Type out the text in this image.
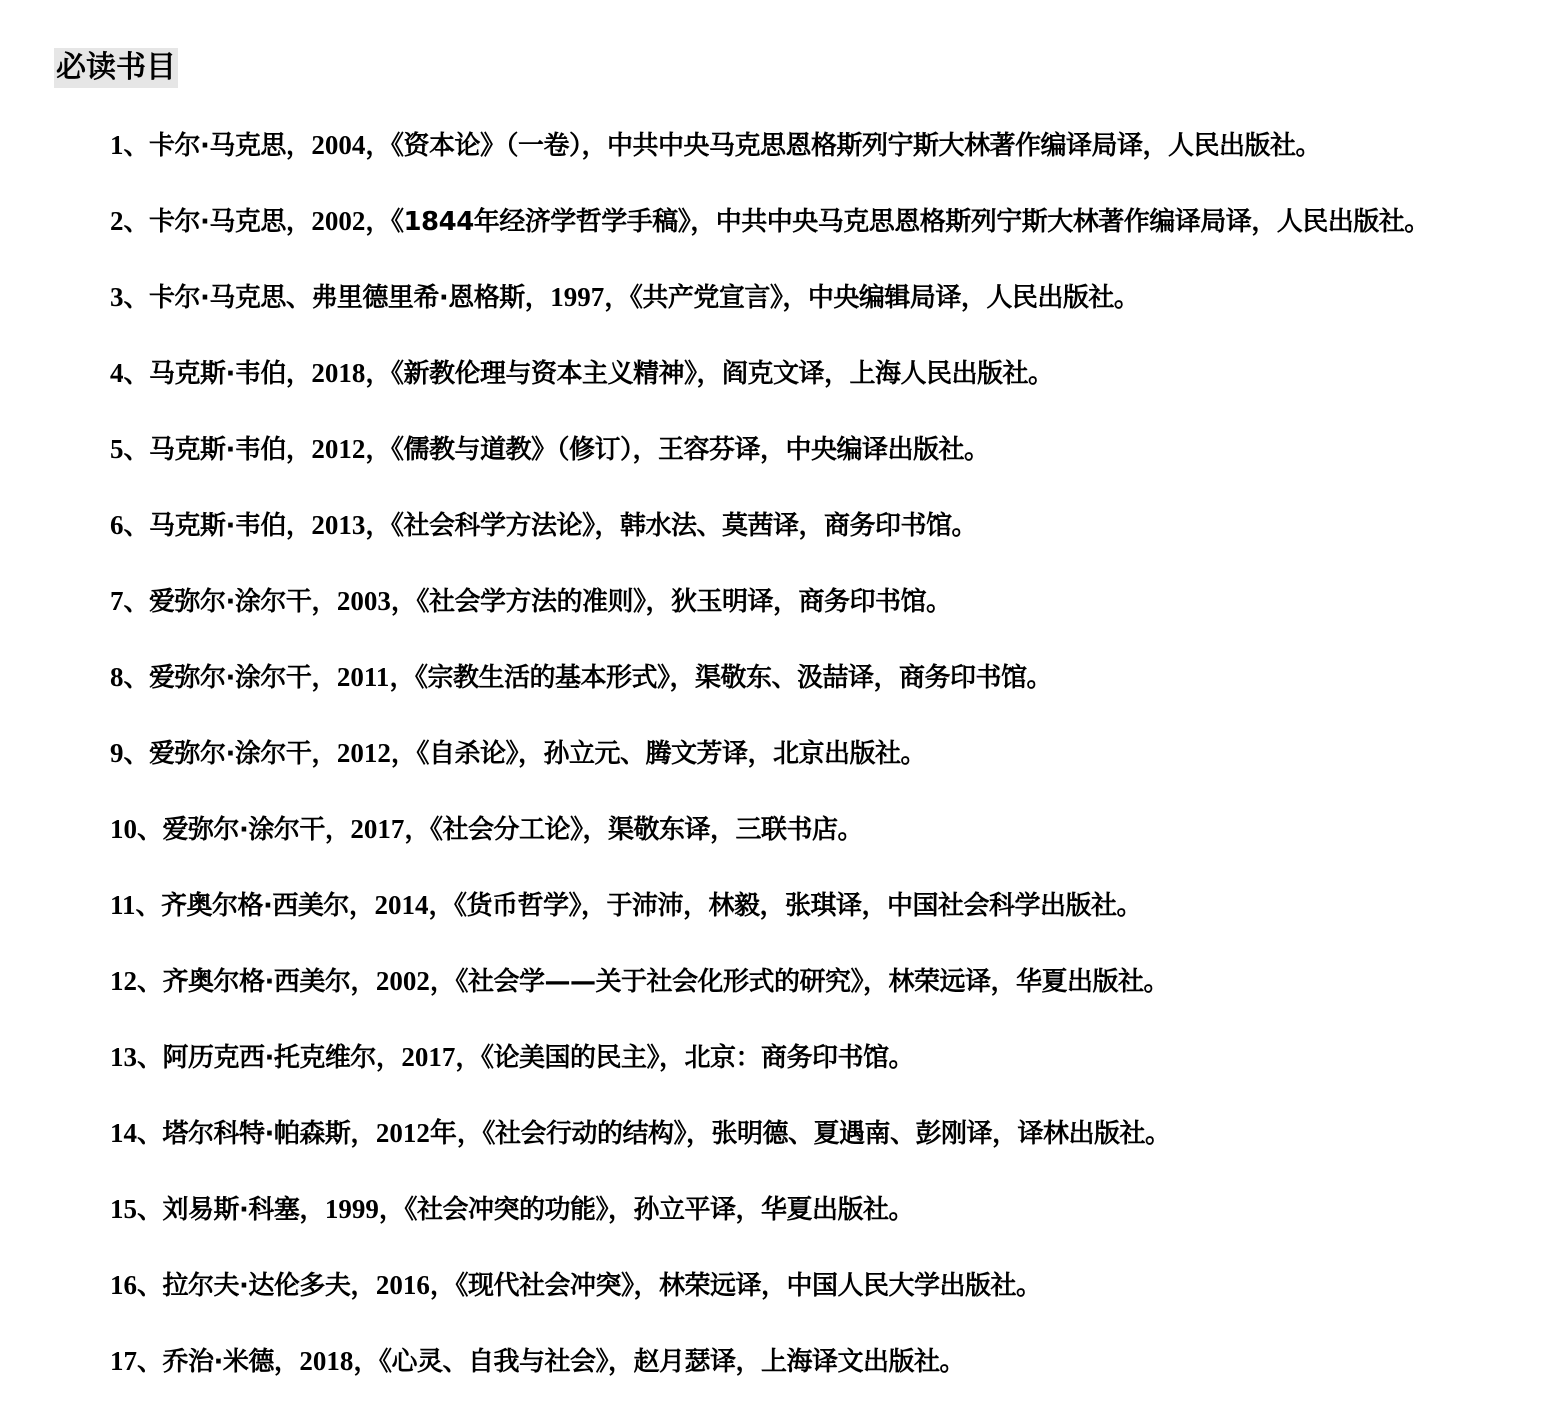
必读书目
1、卡尔·马克思，2004，《资本论》（一卷），中共中央马克思恩格斯列宁斯大林著作编译局译，人民出版社。
2、卡尔·马克思，2002，《1844年经济学哲学手稿》，中共中央马克思恩格斯列宁斯大林著作编译局译，人民出版社。
3、卡尔·马克思、弗里德里希·恩格斯，1997，《共产党宣言》，中央编辑局译，人民出版社。
4、马克斯·韦伯，2018，《新教伦理与资本主义精神》，阎克文译，上海人民出版社。
5、马克斯·韦伯，2012，《儒教与道教》（修订），王容芬译，中央编译出版社。
6、马克斯·韦伯，2013，《社会科学方法论》，韩水法、莫茜译，商务印书馆。
7、爱弥尔·涂尔干，2003，《社会学方法的准则》，狄玉明译，商务印书馆。
8、爱弥尔·涂尔干，2011，《宗教生活的基本形式》，渠敬东、汲喆译，商务印书馆。
9、爱弥尔·涂尔干，2012，《自杀论》，孙立元、腾文芳译，北京出版社。
10、爱弥尔·涂尔干，2017，《社会分工论》，渠敬东译，三联书店。
11、齐奥尔格·西美尔，2014，《货币哲学》，于沛沛，林毅，张琪译，中国社会科学出版社。
12、齐奥尔格·西美尔，2002，《社会学——关于社会化形式的研究》，林荣远译，华夏出版社。
13、阿历克西·托克维尔，2017，《论美国的民主》，北京：商务印书馆。
14、塔尔科特·帕森斯，2012年，《社会行动的结构》，张明德、夏遇南、彭刚译，译林出版社。
15、刘易斯·科塞，1999，《社会冲突的功能》，孙立平译，华夏出版社。
16、拉尔夫·达伦多夫，2016，《现代社会冲突》，林荣远译，中国人民大学出版社。
17、乔治·米德，2018，《心灵、自我与社会》，赵月瑟译，上海译文出版社。
